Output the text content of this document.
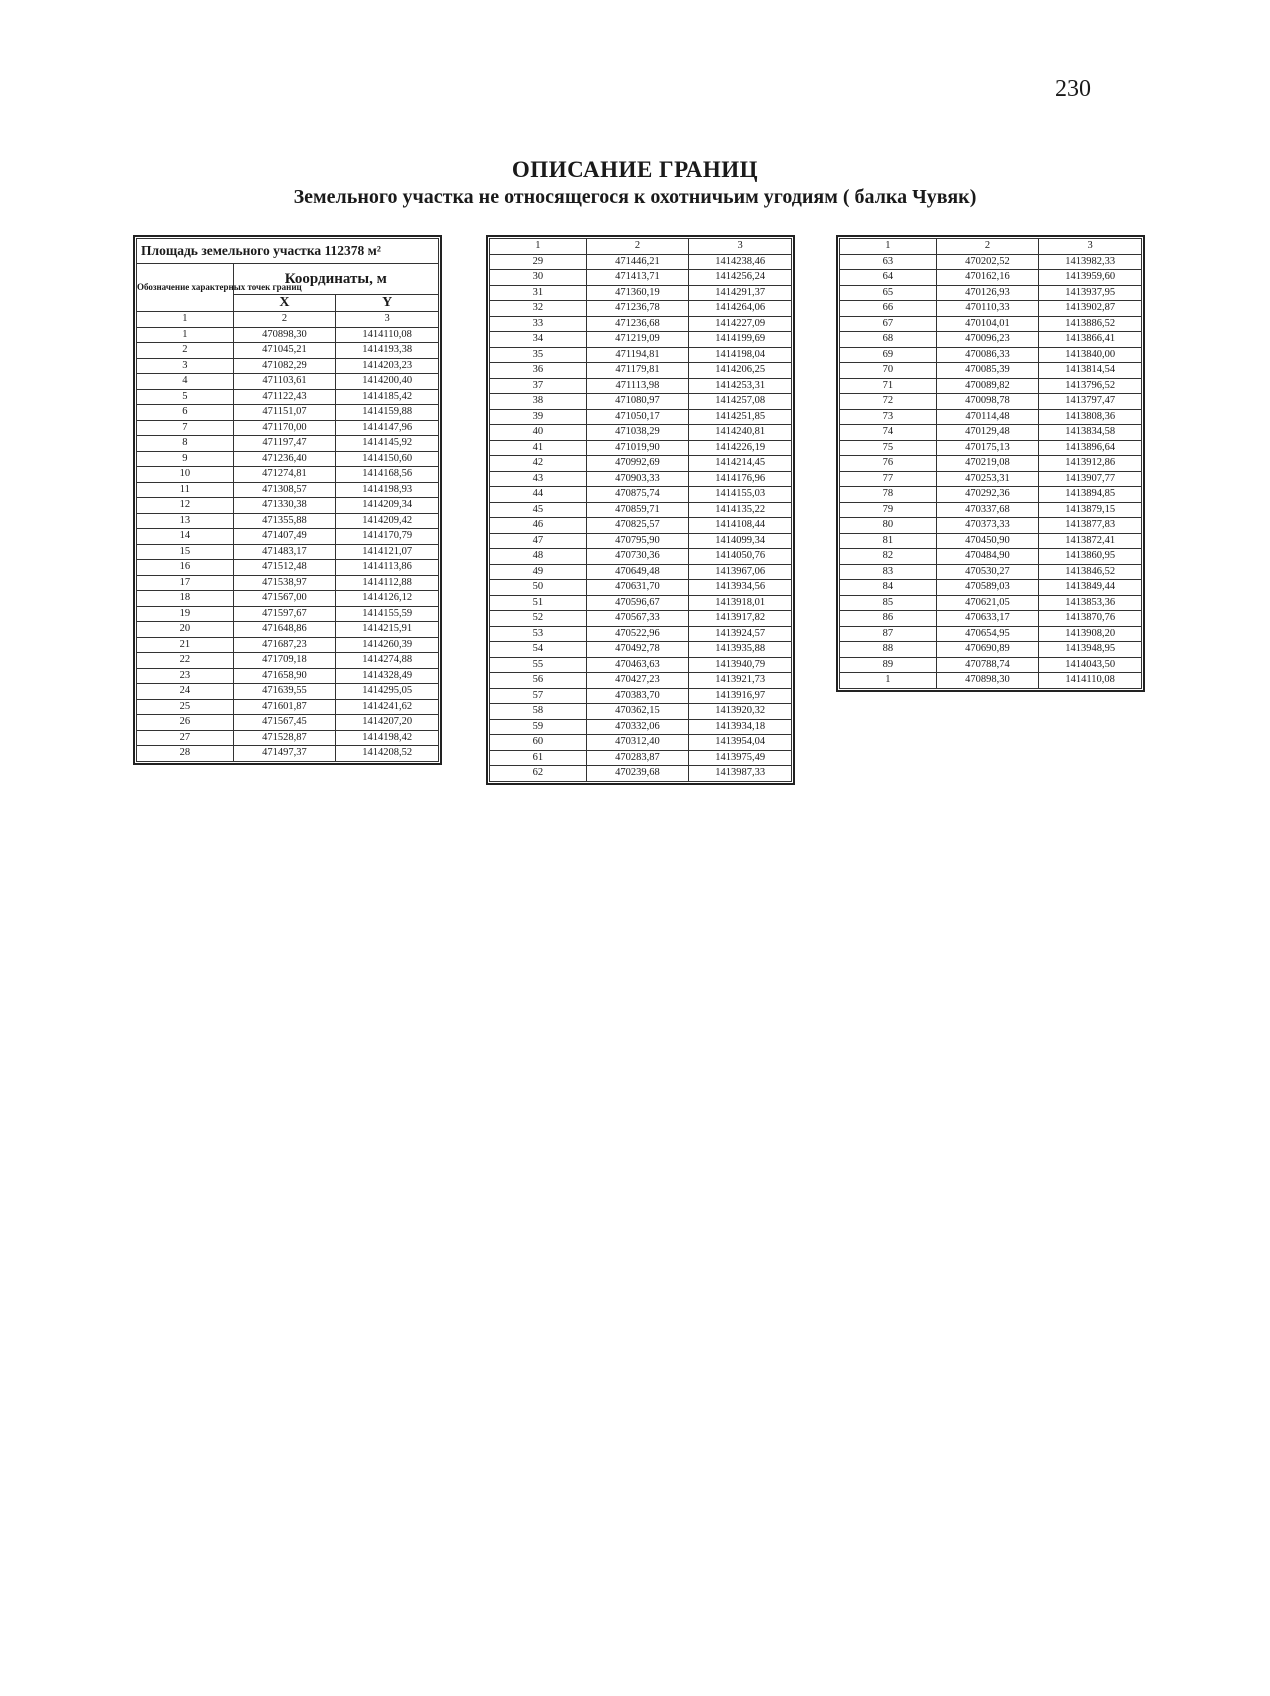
230
ОПИСАНИЕ ГРАНИЦ
Земельного участка не относящегося к охотничьим угодиям ( балка Чувяк)
Площадь земельного участка 112378 м²		
Обозначение характерных точек границ	Координаты, м	
	X	Y
1	2	3
1	470898,30	1414110,08
2	471045,21	1414193,38
3	471082,29	1414203,23
4	471103,61	1414200,40
5	471122,43	1414185,42
6	471151,07	1414159,88
7	471170,00	1414147,96
8	471197,47	1414145,92
9	471236,40	1414150,60
10	471274,81	1414168,56
11	471308,57	1414198,93
12	471330,38	1414209,34
13	471355,88	1414209,42
14	471407,49	1414170,79
15	471483,17	1414121,07
16	471512,48	1414113,86
17	471538,97	1414112,88
18	471567,00	1414126,12
19	471597,67	1414155,59
20	471648,86	1414215,91
21	471687,23	1414260,39
22	471709,18	1414274,88
23	471658,90	1414328,49
24	471639,55	1414295,05
25	471601,87	1414241,62
26	471567,45	1414207,20
27	471528,87	1414198,42
28	471497,37	1414208,52
1	2	3
29	471446,21	1414238,46
30	471413,71	1414256,24
31	471360,19	1414291,37
32	471236,78	1414264,06
33	471236,68	1414227,09
34	471219,09	1414199,69
35	471194,81	1414198,04
36	471179,81	1414206,25
37	471113,98	1414253,31
38	471080,97	1414257,08
39	471050,17	1414251,85
40	471038,29	1414240,81
41	471019,90	1414226,19
42	470992,69	1414214,45
43	470903,33	1414176,96
44	470875,74	1414155,03
45	470859,71	1414135,22
46	470825,57	1414108,44
47	470795,90	1414099,34
48	470730,36	1414050,76
49	470649,48	1413967,06
50	470631,70	1413934,56
51	470596,67	1413918,01
52	470567,33	1413917,82
53	470522,96	1413924,57
54	470492,78	1413935,88
55	470463,63	1413940,79
56	470427,23	1413921,73
57	470383,70	1413916,97
58	470362,15	1413920,32
59	470332,06	1413934,18
60	470312,40	1413954,04
61	470283,87	1413975,49
62	470239,68	1413987,33
1	2	3
63	470202,52	1413982,33
64	470162,16	1413959,60
65	470126,93	1413937,95
66	470110,33	1413902,87
67	470104,01	1413886,52
68	470096,23	1413866,41
69	470086,33	1413840,00
70	470085,39	1413814,54
71	470089,82	1413796,52
72	470098,78	1413797,47
73	470114,48	1413808,36
74	470129,48	1413834,58
75	470175,13	1413896,64
76	470219,08	1413912,86
77	470253,31	1413907,77
78	470292,36	1413894,85
79	470337,68	1413879,15
80	470373,33	1413877,83
81	470450,90	1413872,41
82	470484,90	1413860,95
83	470530,27	1413846,52
84	470589,03	1413849,44
85	470621,05	1413853,36
86	470633,17	1413870,76
87	470654,95	1413908,20
88	470690,89	1413948,95
89	470788,74	1414043,50
1	470898,30	1414110,08
